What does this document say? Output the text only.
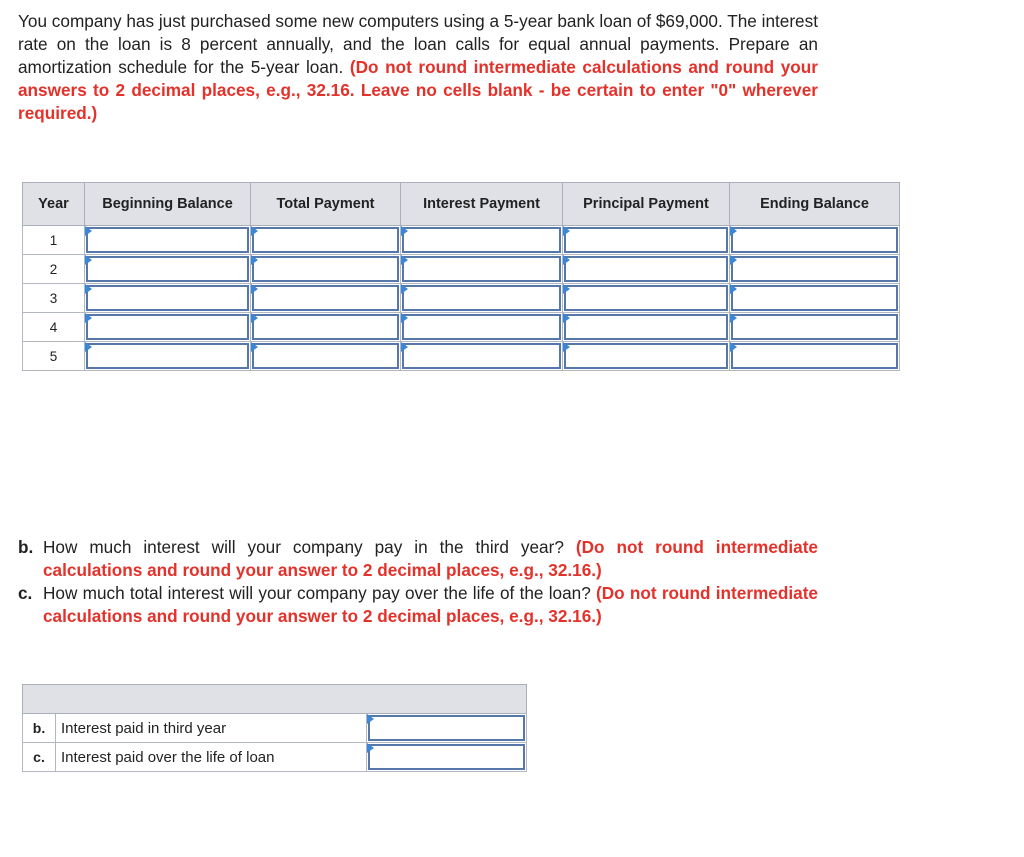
You company has just purchased some new computers using a 5-year bank loan of $69,000. The interest rate on the loan is 8 percent annually, and the loan calls for equal annual payments. Prepare an amortization schedule for the 5-year loan. (Do not round intermediate calculations and round your answers to 2 decimal places, e.g., 32.16. Leave no cells blank - be certain to enter "0" wherever required.)

Year	Beginning Balance	Total Payment	Interest Payment	Principal Payment	Ending Balance
1	

2	

3	

4	

5	

b. How much interest will your company pay in the third year? (Do not round intermediate calculations and round your answer to 2 decimal places, e.g., 32.16.)
c. How much total interest will your company pay over the life of the loan? (Do not round intermediate calculations and round your answer to 2 decimal places, e.g., 32.16.)

b.	Interest paid in third year	

c.	Interest paid over the life of loan	
